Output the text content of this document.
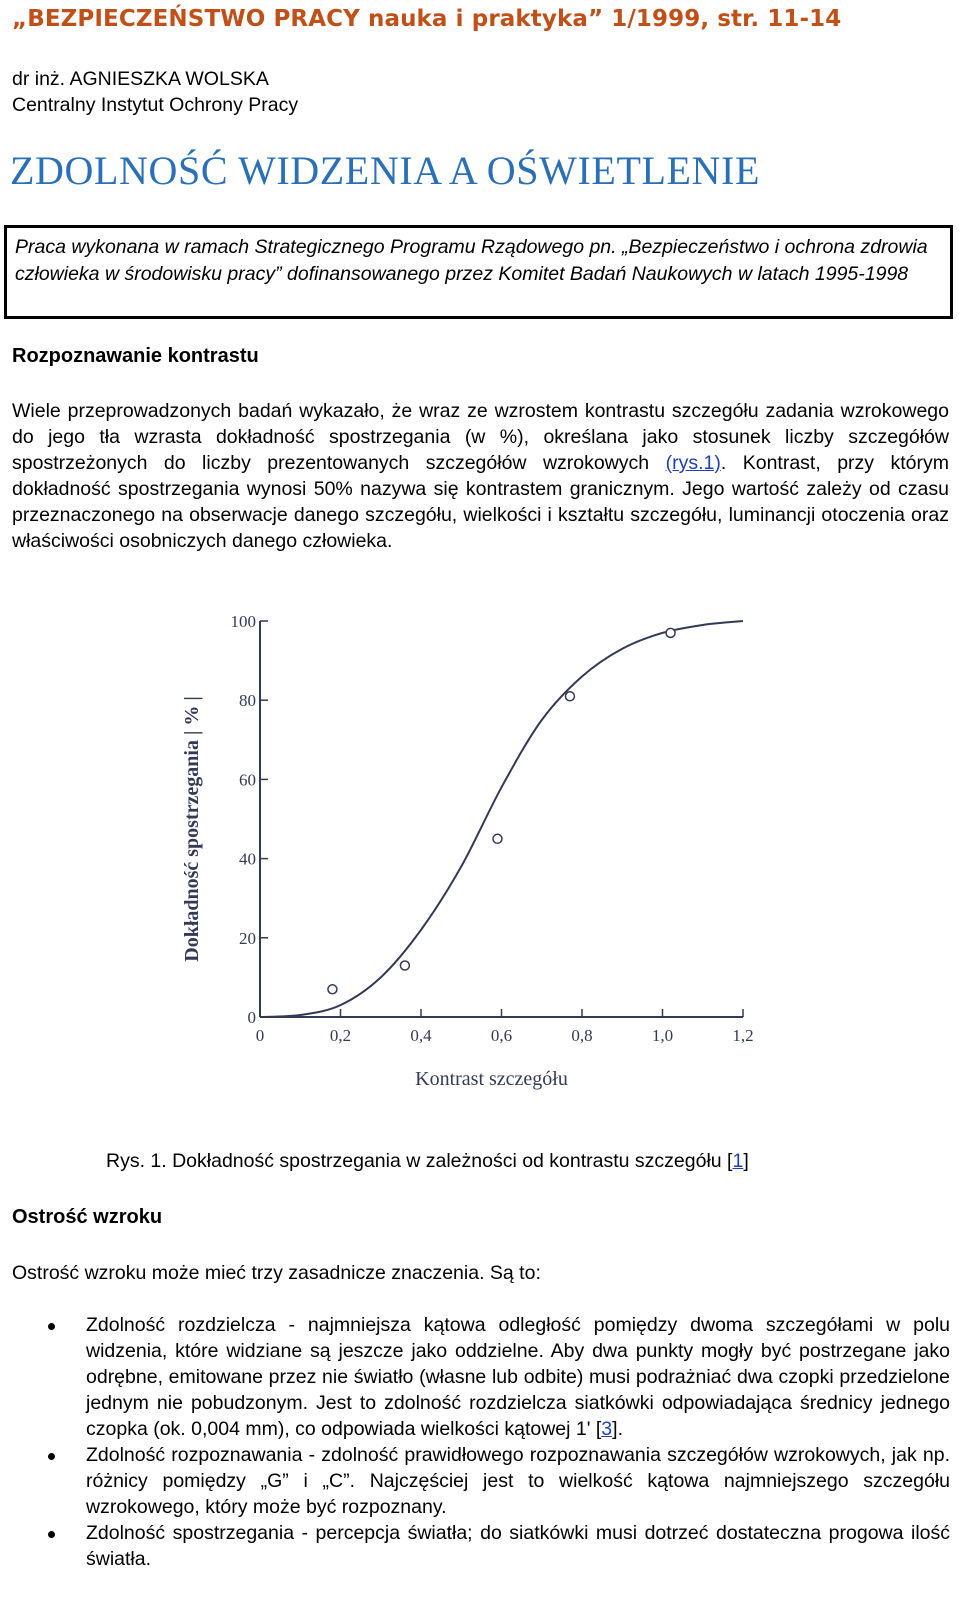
„BEZPIECZEŃSTWO PRACY nauka i praktyka” 1/1999, str. 11-14
dr inż. AGNIESZKA WOLSKA
Centralny Instytut Ochrony Pracy
ZDOLNOŚĆ WIDZENIA A OŚWIETLENIE

Praca wykonana w ramach Strategicznego Programu Rządowego pn. „Bezpieczeństwo i ochrona zdrowia człowieka w środowisku pracy” dofinansowanego przez Komitet Badań Naukowych w latach 1995-1998

Rozpoznawanie kontrastu

Wiele przeprowadzonych badań wykazało, że wraz ze wzrostem kontrastu szczegółu zadania wzrokowego do jego tła wzrasta dokładność spostrzegania (w %), określana jako stosunek liczby szczegółów spostrzeżonych do liczby prezentowanych szczegółów wzrokowych (rys.1). Kontrast, przy którym dokładność spostrzegania wynosi 50% nazywa się kontrastem granicznym. Jego wartość zależy od czasu przeznaczonego na obserwacje danego szczegółu, wielkości i kształtu szczegółu, luminancji otoczenia oraz właściwości osobniczych danego człowieka.

0	0,2	0,4	0,6	0,8	1,0	1,2
0
20
40
60
80
100
Kontrast szczegółu
Dokładność spostrzegania | % |
Rys. 1. Dokładność spostrzegania w zależności od kontrastu szczegółu [1]
Ostrość wzroku
Ostrość wzroku może mieć trzy zasadnicze znaczenia. Są to:
Zdolność rozdzielcza - najmniejsza kątowa odległość pomiędzy dwoma szczegółami w polu widzenia, które widziane są jeszcze jako oddzielne. Aby dwa punkty mogły być postrzegane jako odrębne, emitowane przez nie światło (własne lub odbite) musi podrażniać dwa czopki przedzielone jednym nie pobudzonym. Jest to zdolność rozdzielcza siatkówki odpowiadająca średnicy jednego czopka (ok. 0,004 mm), co odpowiada wielkości kątowej 1' [3].
Zdolność rozpoznawania - zdolność prawidłowego rozpoznawania szczegółów wzrokowych, jak np. różnicy pomiędzy „G” i „C”. Najczęściej jest to wielkość kątowa najmniejszego szczegółu wzrokowego, który może być rozpoznany.
Zdolność spostrzegania - percepcja światła; do siatkówki musi dotrzeć dostateczna progowa ilość światła.
